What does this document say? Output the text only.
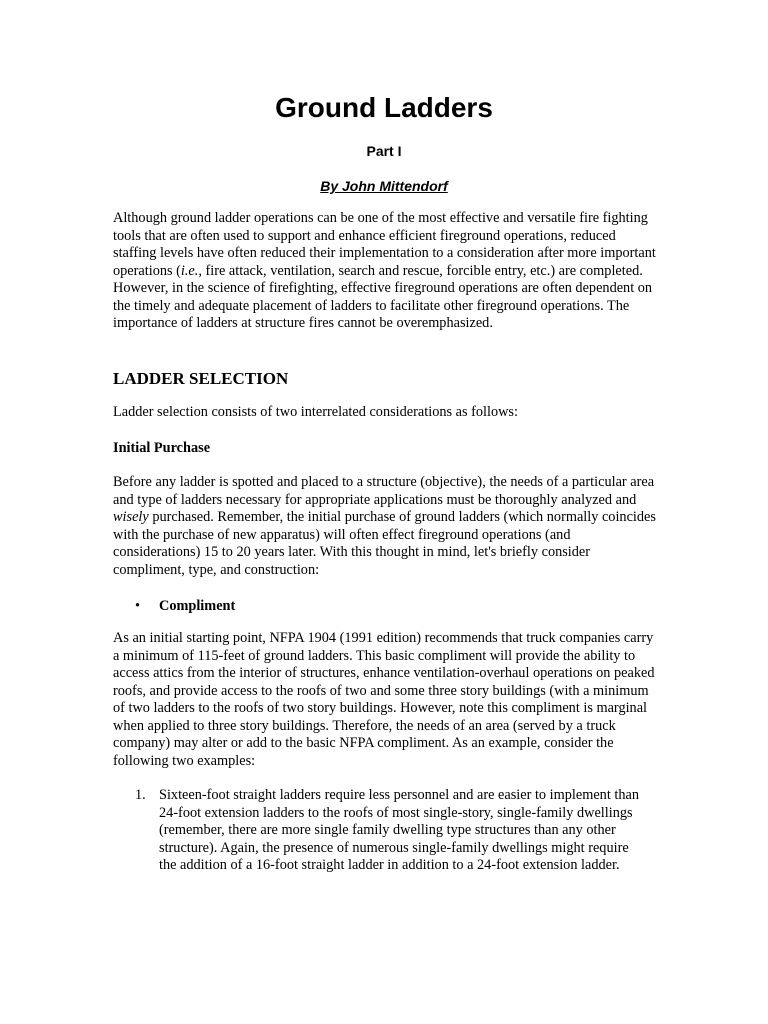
Ground Ladders
Part I
By John Mittendorf

Although ground ladder operations can be one of the most effective and versatile fire fighting tools that are often used to support and enhance efficient fireground operations, reduced staffing levels have often reduced their implementation to a consideration after more important operations (i.e., fire attack, ventilation, search and rescue, forcible entry, etc.) are completed. However, in the science of firefighting, effective fireground operations are often dependent on the timely and adequate placement of ladders to facilitate other fireground operations. The importance of ladders at structure fires cannot be overemphasized.

LADDER SELECTION

Ladder selection consists of two interrelated considerations as follows:

Initial Purchase

Before any ladder is spotted and placed to a structure (objective), the needs of a particular area and type of ladders necessary for appropriate applications must be thoroughly analyzed and wisely purchased. Remember, the initial purchase of ground ladders (which normally coincides with the purchase of new apparatus) will often effect fireground operations (and considerations) 15 to 20 years later. With this thought in mind, let's briefly consider compliment, type, and construction:

• Compliment

As an initial starting point, NFPA 1904 (1991 edition) recommends that truck companies carry a minimum of 115-feet of ground ladders. This basic compliment will provide the ability to access attics from the interior of structures, enhance ventilation-overhaul operations on peaked roofs, and provide access to the roofs of two and some three story buildings (with a minimum of two ladders to the roofs of two story buildings. However, note this compliment is marginal when applied to three story buildings. Therefore, the needs of an area (served by a truck company) may alter or add to the basic NFPA compliment. As an example, consider the following two examples:

1. Sixteen-foot straight ladders require less personnel and are easier to implement than 24-foot extension ladders to the roofs of most single-story, single-family dwellings (remember, there are more single family dwelling type structures than any other structure). Again, the presence of numerous single-family dwellings might require the addition of a 16-foot straight ladder in addition to a 24-foot extension ladder.
